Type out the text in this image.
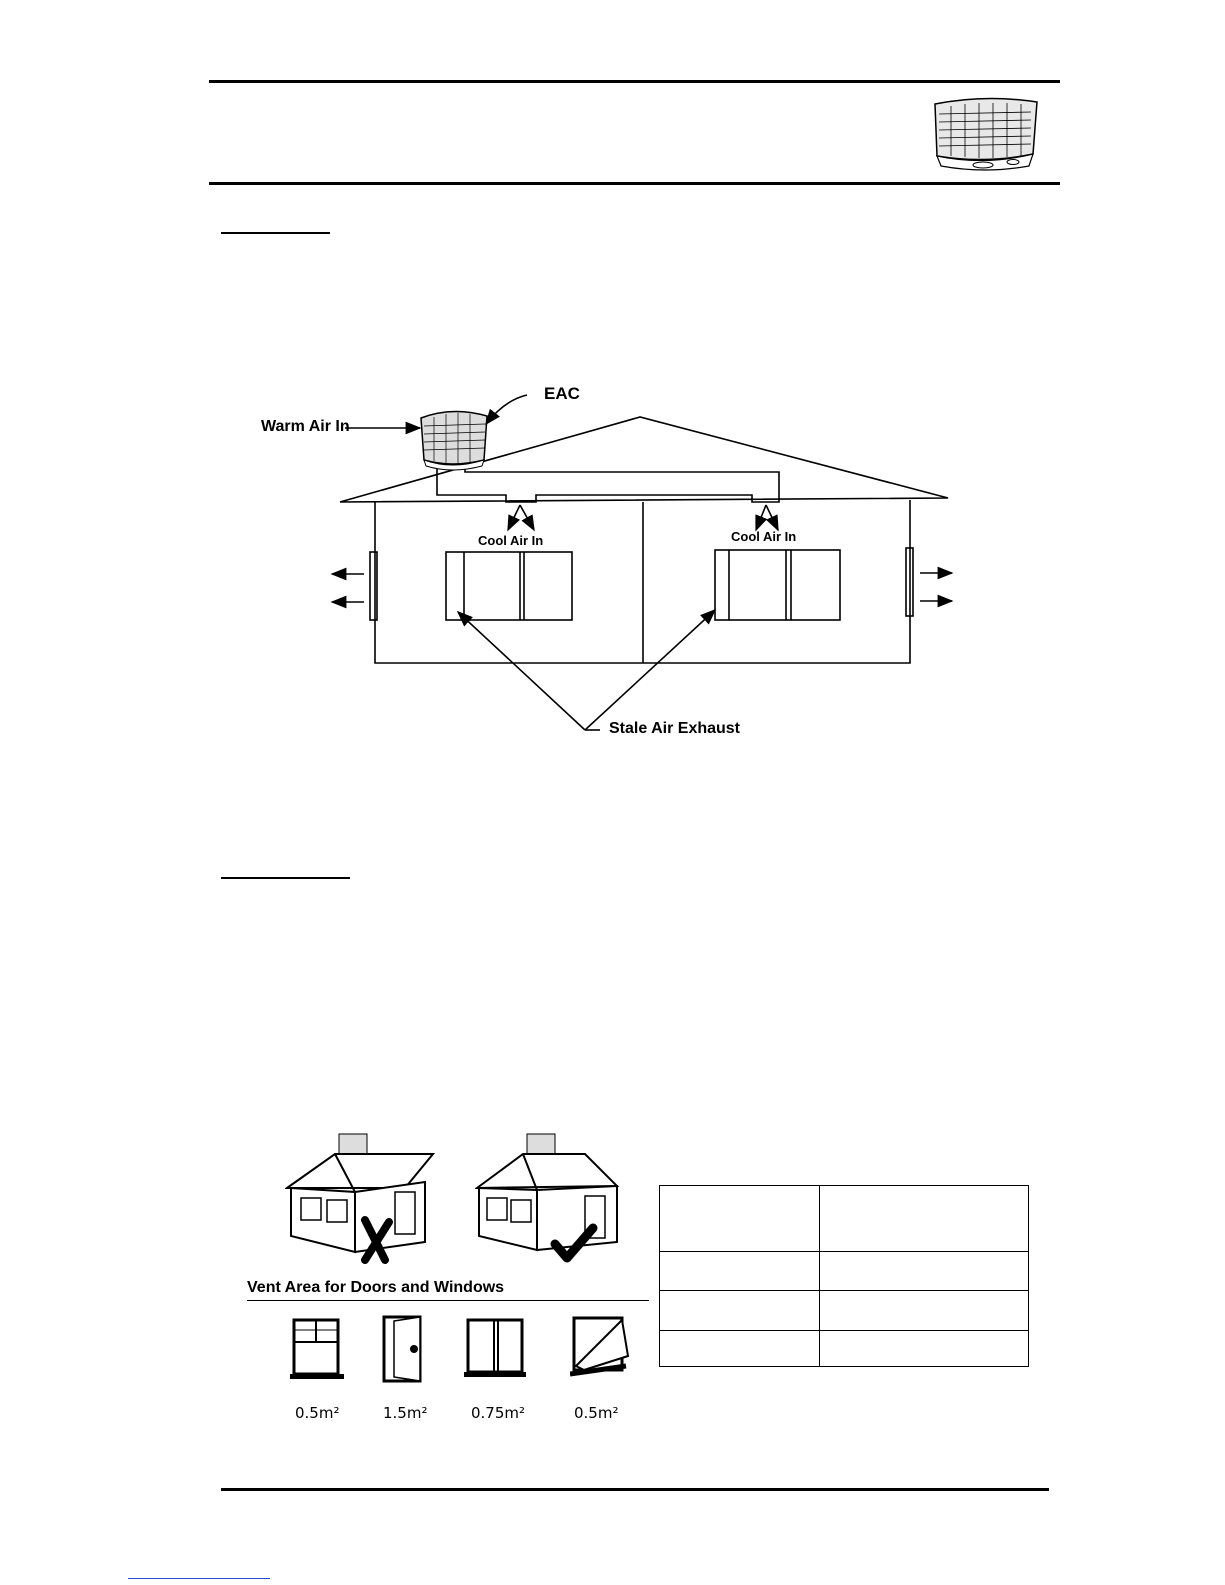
EAC
Warm Air In
Cool Air In	Cool Air In
Stale Air Exhaust
Vent Area for Doors and Windows
0.5m²	1.5m²	0.75m²	0.5m²
